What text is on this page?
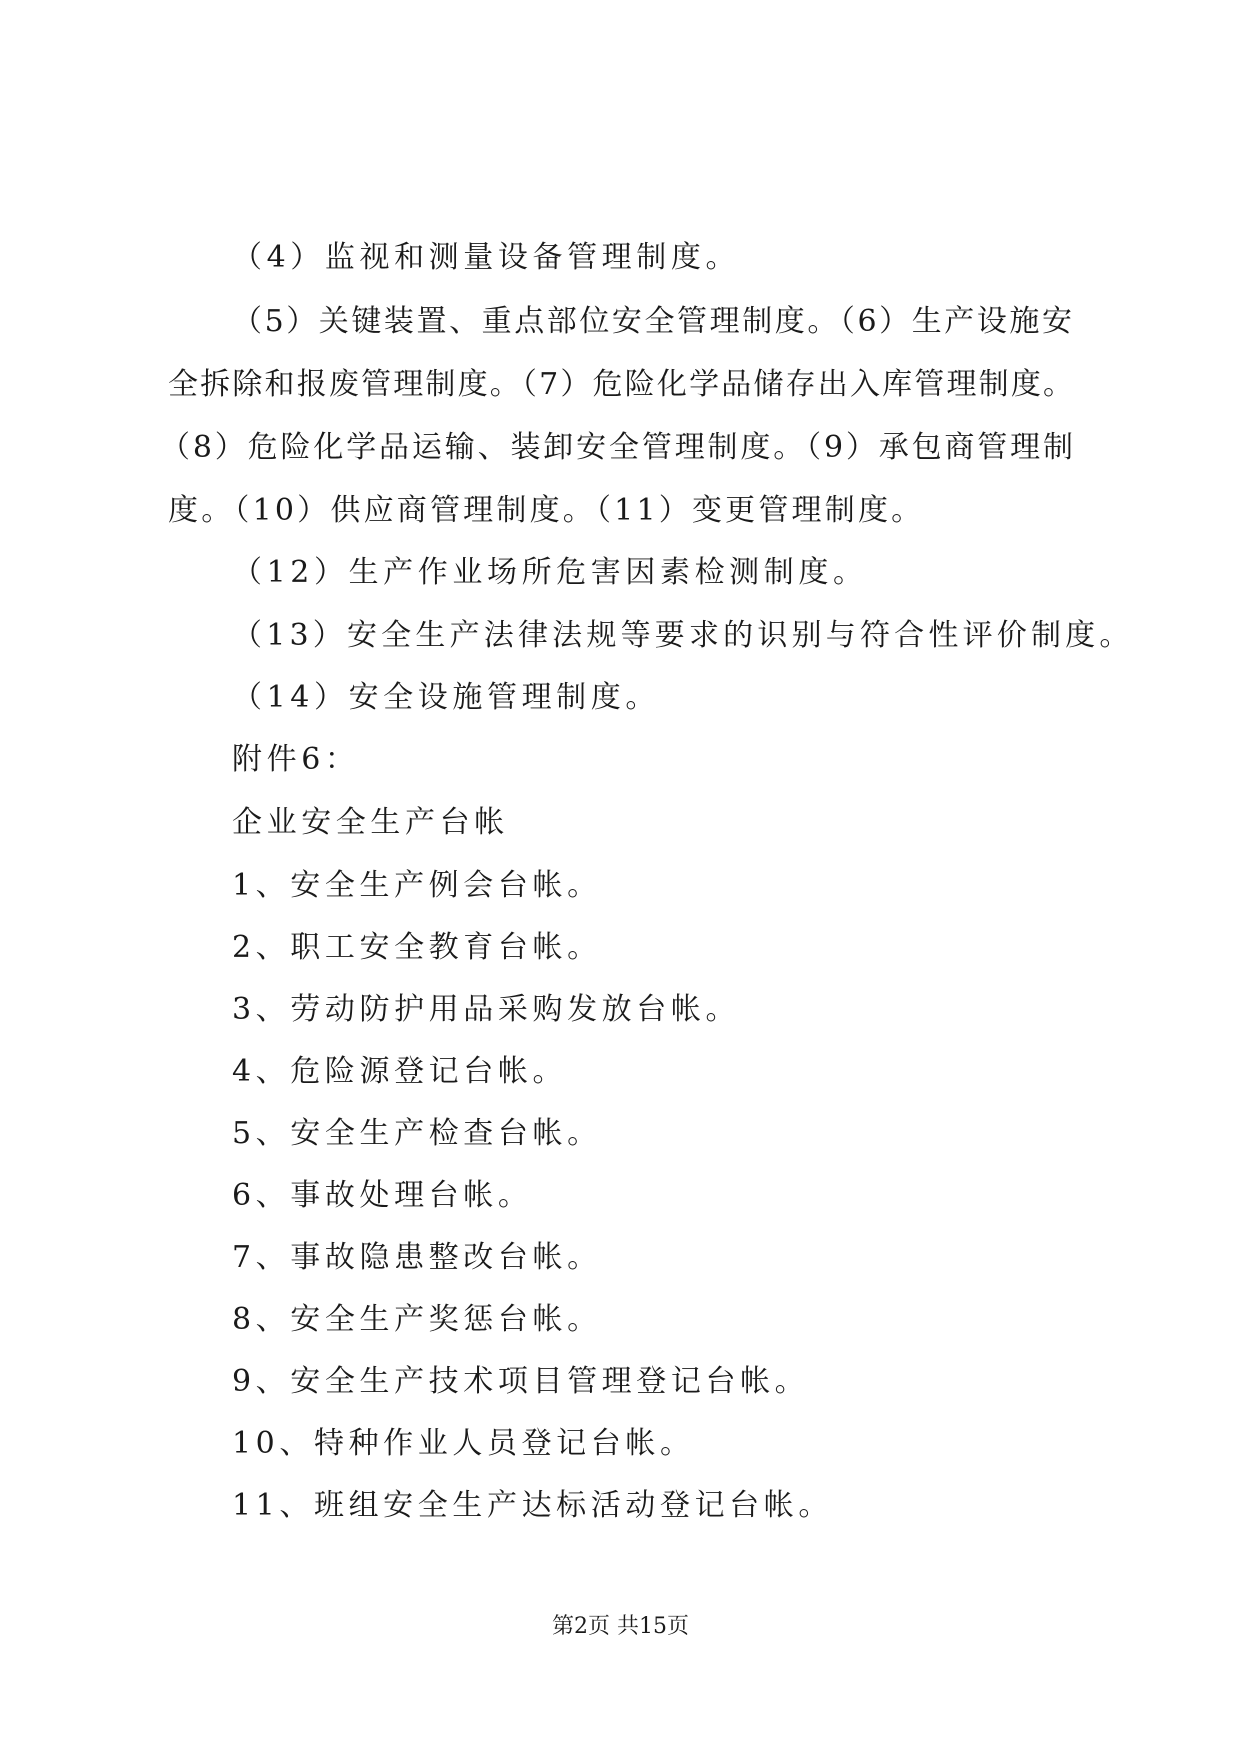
（4）监视和测量设备管理制度。
（5）关键装置、重点部位安全管理制度。（6）生产设施安
全拆除和报废管理制度。（7）危险化学品储存出入库管理制度。
（8）危险化学品运输、装卸安全管理制度。（9）承包商管理制
度。（10）供应商管理制度。（11）变更管理制度。
（12）生产作业场所危害因素检测制度。
（13）安全生产法律法规等要求的识别与符合性评价制度。
（14）安全设施管理制度。
附件6：
企业安全生产台帐
1、安全生产例会台帐。
2、职工安全教育台帐。
3、劳动防护用品采购发放台帐。
4、危险源登记台帐。
5、安全生产检查台帐。
6、事故处理台帐。
7、事故隐患整改台帐。
8、安全生产奖惩台帐。
9、安全生产技术项目管理登记台帐。
10、特种作业人员登记台帐。
11、班组安全生产达标活动登记台帐。
第2页 共15页
